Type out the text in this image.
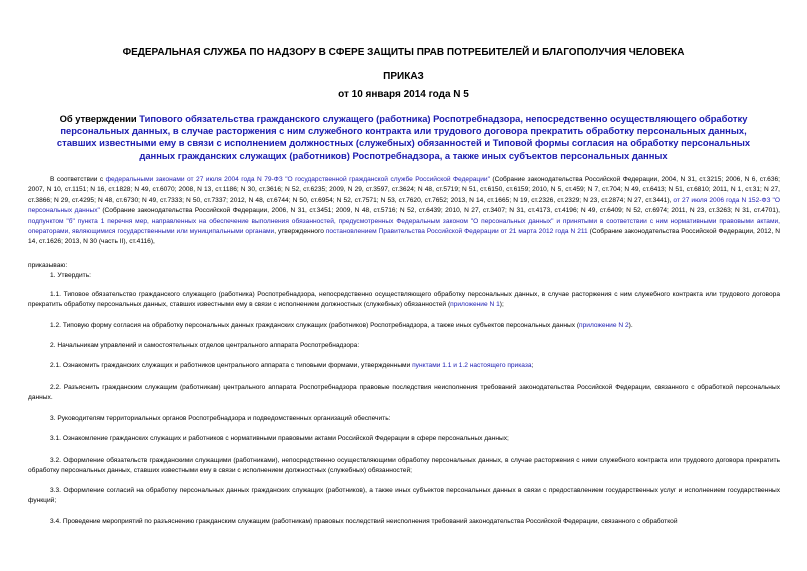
ФЕДЕРАЛЬНАЯ СЛУЖБА ПО НАДЗОРУ В СФЕРЕ ЗАЩИТЫ ПРАВ ПОТРЕБИТЕЛЕЙ И БЛАГОПОЛУЧИЯ ЧЕЛОВЕКА
ПРИКАЗ
от 10 января 2014 года N 5
Об утверждении Типового обязательства гражданского служащего (работника) Роспотребнадзора, непосредственно осуществляющего обработку персональных данных, в случае расторжения с ним служебного контракта или трудового договора прекратить обработку персональных данных, ставших известными ему в связи с исполнением должностных (служебных) обязанностей и Типовой формы согласия на обработку персональных данных гражданских служащих (работников) Роспотребнадзора, а также иных субъектов персональных данных
В соответствии с федеральными законами от 27 июля 2004 года N 79-ФЗ "О государственной гражданской службе Российской Федерации" (Собрание законодательства Российской Федерации, 2004, N 31, ст.3215; 2006, N 6, ст.636; 2007, N 10, ст.1151; N 16, ст.1828; N 49, ст.6070; 2008, N 13, ст.1186; N 30, ст.3616; N 52, ст.6235; 2009, N 29, ст.3597, ст.3624; N 48, ст.5719; N 51, ст.6150, ст.6159; 2010, N 5, ст.459; N 7, ст.704; N 49, ст.6413; N 51, ст.6810; 2011, N 1, ст.31; N 27, ст.3866; N 29, ст.4295; N 48, ст.6730; N 49, ст.7333; N 50, ст.7337; 2012, N 48, ст.6744; N 50, ст.6954; N 52, ст.7571; N 53, ст.7620, ст.7652; 2013, N 14, ст.1665; N 19, ст.2326, ст.2329; N 23, ст.2874; N 27, ст.3441), от 27 июля 2006 года N 152-ФЗ "О персональных данных" (Собрание законодательства Российской Федерации, 2006, N 31, ст.3451; 2009, N 48, ст.5716; N 52, ст.6439; 2010, N 27, ст.3407; N 31, ст.4173, ст.4196; N 49, ст.6409; N 52, ст.6974; 2011, N 23, ст.3263; N 31, ст.4701), подпунктом "б" пункта 1 перечня мер, направленных на обеспечение выполнения обязанностей, предусмотренных Федеральным законом "О персональных данных" и принятыми в соответствии с ним нормативными правовыми актами, операторами, являющимися государственными или муниципальными органами, утвержденного постановлением Правительства Российской Федерации от 21 марта 2012 года N 211 (Собрание законодательства Российской Федерации, 2012, N 14, ст.1626; 2013, N 30 (часть II), ст.4116),
приказываю:
1. Утвердить:
1.1. Типовое обязательство гражданского служащего (работника) Роспотребнадзора, непосредственно осуществляющего обработку персональных данных, в случае расторжения с ним служебного контракта или трудового договора прекратить обработку персональных данных, ставших известными ему в связи с исполнением должностных (служебных) обязанностей (приложение N 1);
1.2. Типовую форму согласия на обработку персональных данных гражданских служащих (работников) Роспотребнадзора, а также иных субъектов персональных данных (приложение N 2).
2. Начальникам управлений и самостоятельных отделов центрального аппарата Роспотребнадзора:
2.1. Ознакомить гражданских служащих и работников центрального аппарата с типовыми формами, утвержденными пунктами 1.1 и 1.2 настоящего приказа;
2.2. Разъяснить гражданским служащим (работникам) центрального аппарата Роспотребнадзора правовые последствия неисполнения требований законодательства Российской Федерации, связанного с обработкой персональных данных.
3. Руководителям территориальных органов Роспотребнадзора и подведомственных организаций обеспечить:
3.1. Ознакомление гражданских служащих и работников с нормативными правовыми актами Российской Федерации в сфере персональных данных;
3.2. Оформление обязательств гражданскими служащими (работниками), непосредственно осуществляющими обработку персональных данных, в случае расторжения с ними служебного контракта или трудового договора прекратить обработку персональных данных, ставших известными ему в связи с исполнением должностных (служебных) обязанностей;
3.3. Оформление согласий на обработку персональных данных гражданских служащих (работников), а также иных субъектов персональных данных в связи с предоставлением государственных услуг и исполнением государственных функций;
3.4. Проведение мероприятий по разъяснению гражданским служащим (работникам) правовых последствий неисполнения требований законодательства Российской Федерации, связанного с обработкой
